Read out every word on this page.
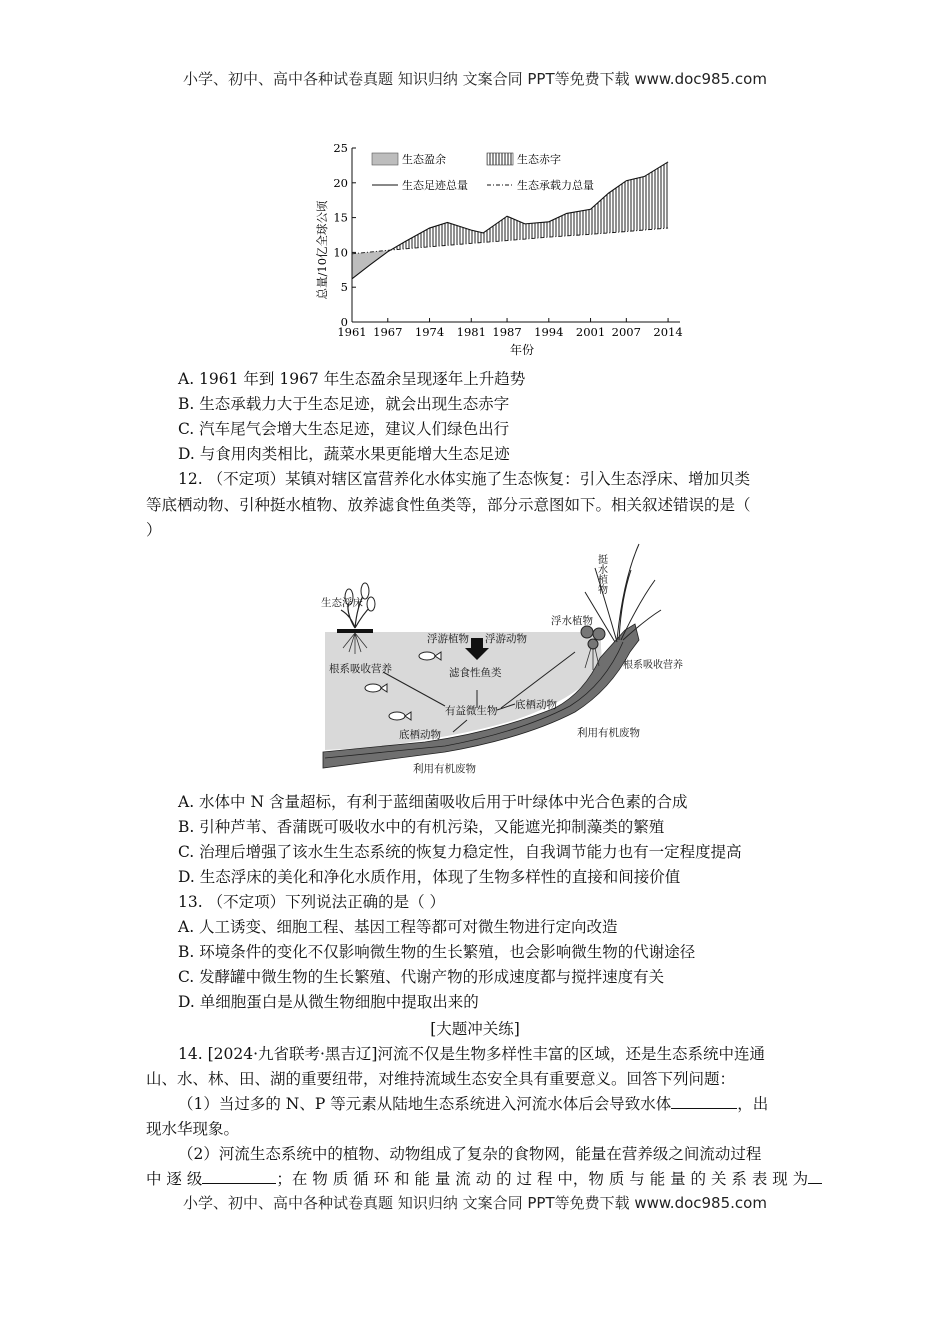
小学、初中、高中各种试卷真题 知识归纳 文案合同 PPT等免费下载 www.doc985.com
0
5
10
15
20
25
1961 1967 1974 1981 1987 1994 2001 2007 2014
生态盈余	生态赤字
生态足迹总量	生态承载力总量
年份
总量/10亿全球公顷
A. 1961 年到 1967 年生态盈余呈现逐年上升趋势
B. 生态承载力大于生态足迹，就会出现生态赤字
C. 汽车尾气会增大生态足迹，建议人们绿色出行
D. 与食用肉类相比，蔬菜水果更能增大生态足迹
12. （不定项）某镇对辖区富营养化水体实施了生态恢复：引入生态浮床、增加贝类
等底栖动物、引种挺水植物、放养滤食性鱼类等，部分示意图如下。相关叙述错误的是（
）
生态浮床
挺水植物
浮水植物
根系吸收营养	根系吸收营养
浮游植物 浮游动物
滤食性鱼类
有益微生物 底栖动物
底栖动物	利用有机废物
利用有机废物
A. 水体中 N 含量超标，有利于蓝细菌吸收后用于叶绿体中光合色素的合成
B. 引种芦苇、香蒲既可吸收水中的有机污染，又能遮光抑制藻类的繁殖
C. 治理后增强了该水生生态系统的恢复力稳定性，自我调节能力也有一定程度提高
D. 生态浮床的美化和净化水质作用，体现了生物多样性的直接和间接价值
13. （不定项）下列说法正确的是（ ）
A. 人工诱变、细胞工程、基因工程等都可对微生物进行定向改造
B. 环境条件的变化不仅影响微生物的生长繁殖，也会影响微生物的代谢途径
C. 发酵罐中微生物的生长繁殖、代谢产物的形成速度都与搅拌速度有关
D. 单细胞蛋白是从微生物细胞中提取出来的
[大题冲关练]
14. [2024·九省联考·黑吉辽]河流不仅是生物多样性丰富的区域，还是生态系统中连通
山、水、林、田、湖的重要纽带，对维持流域生态安全具有重要意义。回答下列问题：
（1）当过多的 N、P 等元素从陆地生态系统进入河流水体后会导致水体	，出
现水华现象。
（2）河流生态系统中的植物、动物组成了复杂的食物网，能量在营养级之间流动过程
中 逐 级	；在 物 质 循 环 和 能 量 流 动 的 过 程 中，物 质 与 能 量 的 关 系 表 现 为
小学、初中、高中各种试卷真题 知识归纳 文案合同 PPT等免费下载 www.doc985.com
